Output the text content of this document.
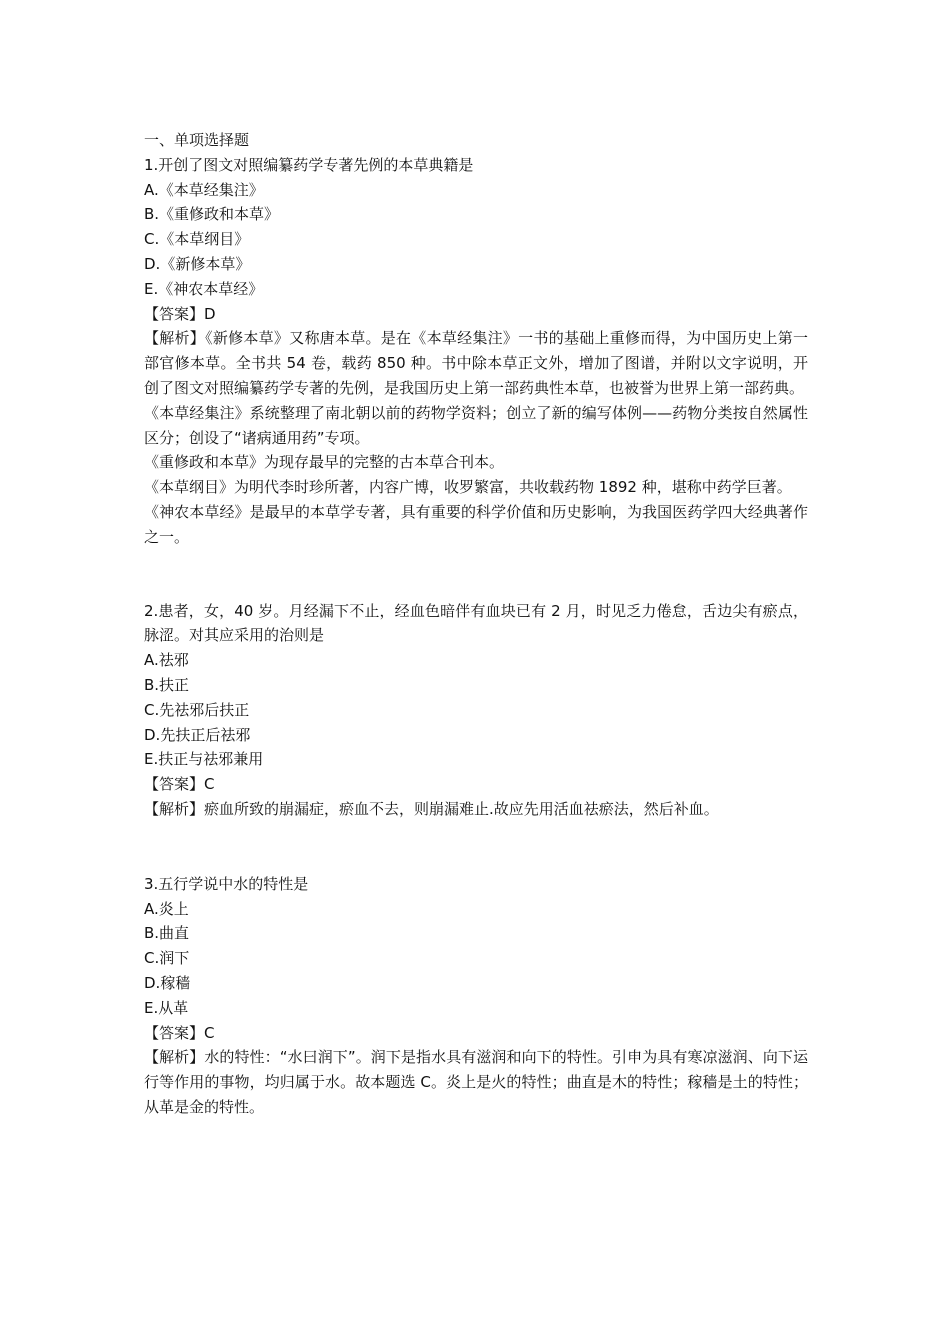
一、单项选择题

1.开创了图文对照编纂药学专著先例的本草典籍是

A.《本草经集注》

B.《重修政和本草》

C.《本草纲目》

D.《新修本草》

E.《神农本草经》

【答案】D

【解析】《新修本草》又称唐本草。是在《本草经集注》一书的基础上重修而得，为中国历史上第一部官修本草。全书共 54 卷，载药 850 种。书中除本草正文外，增加了图谱，并附以文字说明，开创了图文对照编纂药学专著的先例，是我国历史上第一部药典性本草，也被誉为世界上第一部药典。

《本草经集注》系统整理了南北朝以前的药物学资料；创立了新的编写体例——药物分类按自然属性区分；创设了“诸病通用药”专项。

《重修政和本草》为现存最早的完整的古本草合刊本。

《本草纲目》为明代李时珍所著，内容广博，收罗繁富，共收载药物 1892 种，堪称中药学巨著。

《神农本草经》是最早的本草学专著，具有重要的科学价值和历史影响，为我国医药学四大经典著作之一。

2.患者，女，40 岁。月经漏下不止，经血色暗伴有血块已有 2 月，时见乏力倦怠，舌边尖有瘀点，脉涩。对其应采用的治则是

A.祛邪

B.扶正

C.先祛邪后扶正

D.先扶正后祛邪

E.扶正与祛邪兼用

【答案】C

【解析】瘀血所致的崩漏症，瘀血不去，则崩漏难止.故应先用活血祛瘀法，然后补血。

3.五行学说中水的特性是

A.炎上

B.曲直

C.润下

D.稼穑

E.从革

【答案】C

【解析】水的特性：“水曰润下”。润下是指水具有滋润和向下的特性。引申为具有寒凉滋润、向下运行等作用的事物，均归属于水。故本题选 C。炎上是火的特性；曲直是木的特性；稼穑是土的特性；从革是金的特性。
